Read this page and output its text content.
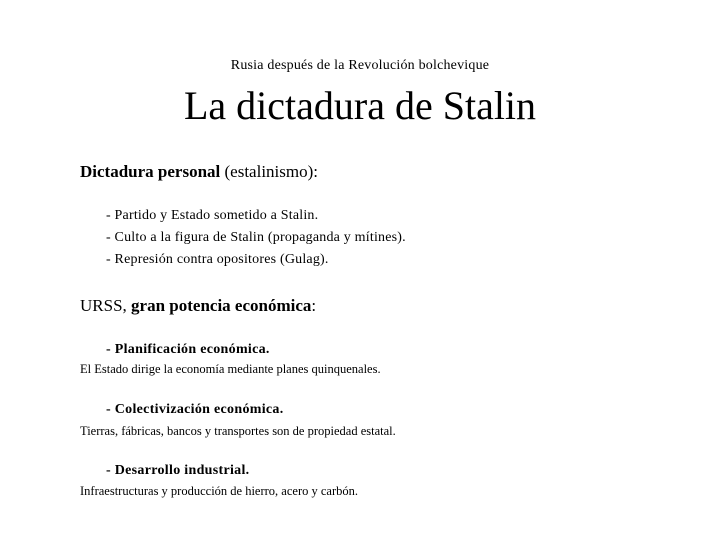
Rusia después de la Revolución bolchevique
La dictadura de Stalin
Dictadura personal (estalinismo):
- Partido y Estado sometido a Stalin.
- Culto a la figura de Stalin (propaganda y mítines).
- Represión contra opositores (Gulag).
URSS, gran potencia económica:
- Planificación económica.
El Estado dirige la economía mediante planes quinquenales.
- Colectivización económica.
Tierras, fábricas, bancos y transportes son de propiedad estatal.
- Desarrollo industrial.
Infraestructuras y producción de hierro, acero y carbón.
